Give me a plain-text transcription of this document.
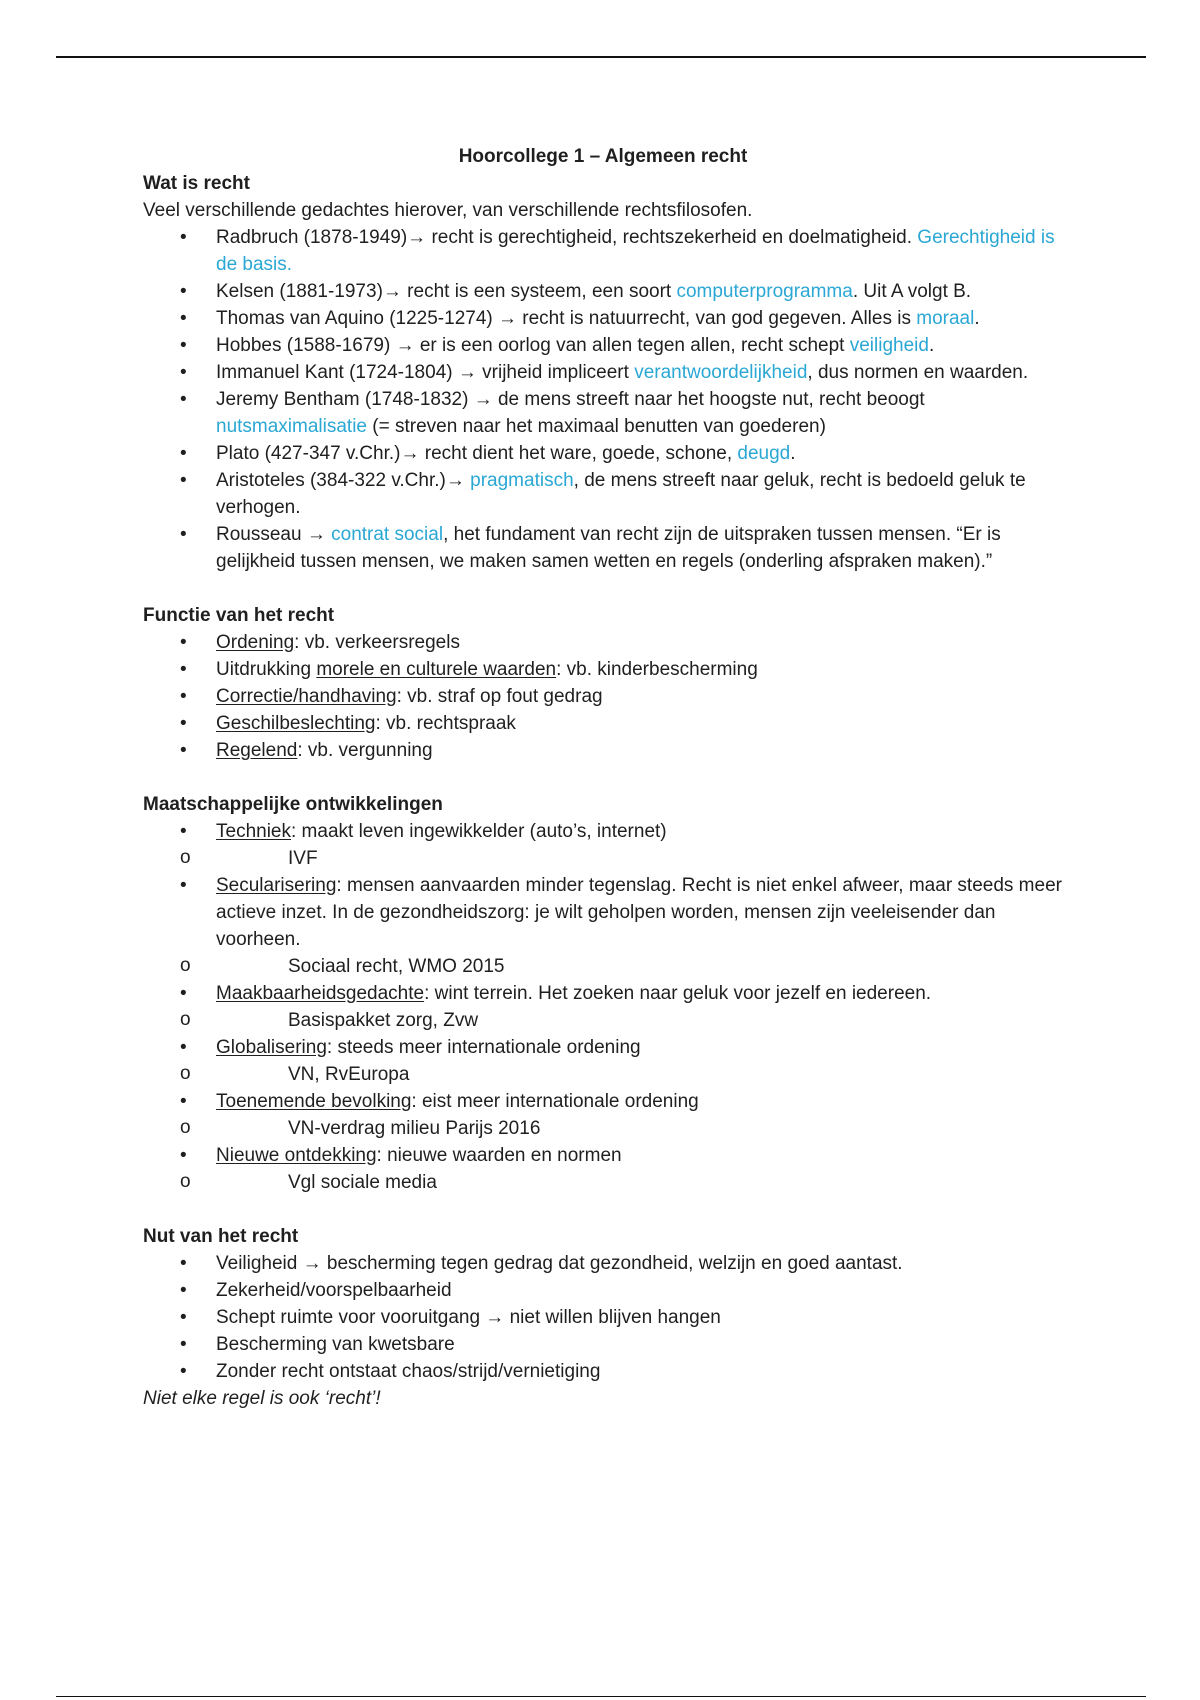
Hoorcollege 1 – Algemeen recht

Wat is recht

Veel verschillende gedachtes hierover, van verschillende rechtsfilosofen.

• Radbruch (1878-1949)→ recht is gerechtigheid, rechtszekerheid en doelmatigheid. Gerechtigheid is de basis.
• Kelsen (1881-1973)→ recht is een systeem, een soort computerprogramma. Uit A volgt B.
• Thomas van Aquino (1225-1274) → recht is natuurrecht, van god gegeven. Alles is moraal.
• Hobbes (1588-1679) → er is een oorlog van allen tegen allen, recht schept veiligheid.
• Immanuel Kant (1724-1804) → vrijheid impliceert verantwoordelijkheid, dus normen en waarden.
• Jeremy Bentham (1748-1832) → de mens streeft naar het hoogste nut, recht beoogt nutsmaximalisatie (= streven naar het maximaal benutten van goederen)
• Plato (427-347 v.Chr.)→ recht dient het ware, goede, schone, deugd.
• Aristoteles (384-322 v.Chr.)→ pragmatisch, de mens streeft naar geluk, recht is bedoeld geluk te verhogen.
• Rousseau → contrat social, het fundament van recht zijn de uitspraken tussen mensen. “Er is gelijkheid tussen mensen, we maken samen wetten en regels (onderling afspraken maken).”

Functie van het recht

• Ordening: vb. verkeersregels
• Uitdrukking morele en culturele waarden: vb. kinderbescherming
• Correctie/handhaving: vb. straf op fout gedrag
• Geschilbeslechting: vb. rechtspraak
• Regelend: vb. vergunning

Maatschappelijke ontwikkelingen

• Techniek: maakt leven ingewikkelder (auto’s, internet)
o IVF
• Secularisering: mensen aanvaarden minder tegenslag. Recht is niet enkel afweer, maar steeds meer actieve inzet. In de gezondheidszorg: je wilt geholpen worden, mensen zijn veeleisender dan voorheen.
o Sociaal recht, WMO 2015
• Maakbaarheidsgedachte: wint terrein. Het zoeken naar geluk voor jezelf en iedereen.
o Basispakket zorg, Zvw
• Globalisering: steeds meer internationale ordening
o VN, RvEuropa
• Toenemende bevolking: eist meer internationale ordening
o VN-verdrag milieu Parijs 2016
• Nieuwe ontdekking: nieuwe waarden en normen
o Vgl sociale media

Nut van het recht

• Veiligheid → bescherming tegen gedrag dat gezondheid, welzijn en goed aantast.
• Zekerheid/voorspelbaarheid
• Schept ruimte voor vooruitgang → niet willen blijven hangen
• Bescherming van kwetsbare
• Zonder recht ontstaat chaos/strijd/vernietiging

Niet elke regel is ook ‘recht’!
